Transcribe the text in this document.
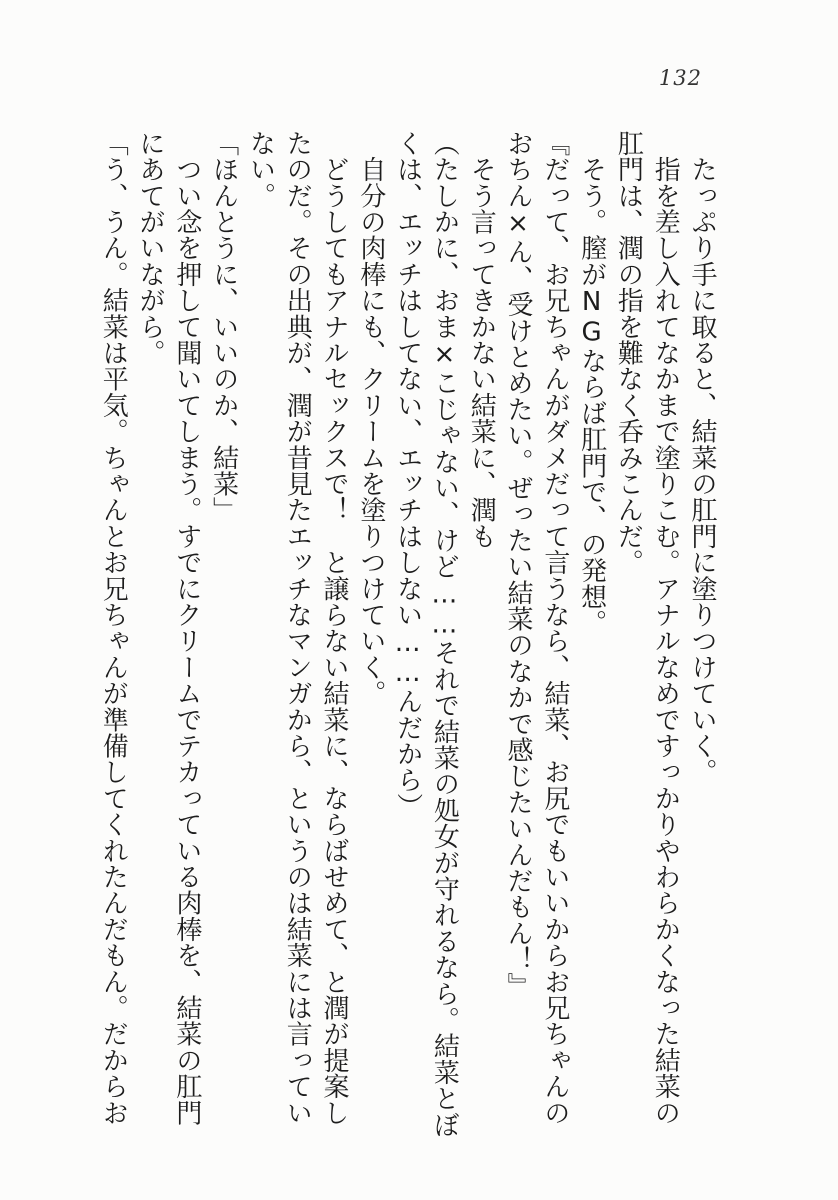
132

　たっぷり手に取ると、結菜の肛門に塗りつけていく。

　指を差し入れてなかまで塗りこむ。アナルなめですっかりやわらかくなった結菜の

肛門は、潤の指を難なく呑みこんだ。

　そう。膣がNGならば肛門で、の発想。

『だって、お兄ちゃんがダメだって言うなら、結菜、お尻でもいいからお兄ちゃんの

おちん×ん、受けとめたい。ぜったい結菜のなかで感じたいんだもん！』

　そう言ってきかない結菜に、潤も

（たしかに、おま×こじゃない、けど……それで結菜の処女が守れるなら。結菜とぼ

くは、エッチはしてない、エッチはしない……んだから）

　自分の肉棒にも、クリームを塗りつけていく。

　どうしてもアナルセックスで！　と譲らない結菜に、ならばせめて、と潤が提案し

たのだ。その出典が、潤が昔見たエッチなマンガから、というのは結菜には言ってい

ない。

「ほんとうに、いいのか、結菜」

　つい念を押して聞いてしまう。すでにクリームでテカっている肉棒を、結菜の肛門

にあてがいながら。

「う、うん。結菜は平気。ちゃんとお兄ちゃんが準備してくれたんだもん。だからお
